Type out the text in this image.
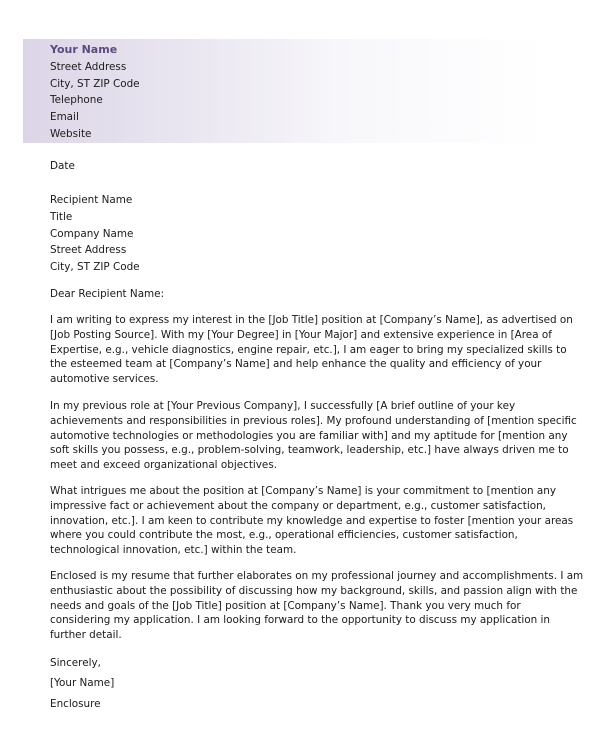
Your Name
Street Address
City, ST ZIP Code
Telephone
Email
Website
Date
Recipient Name
Title
Company Name
Street Address
City, ST ZIP Code
Dear Recipient Name:
I am writing to express my interest in the [Job Title] position at [Company’s Name], as advertised on
[Job Posting Source]. With my [Your Degree] in [Your Major] and extensive experience in [Area of
Expertise, e.g., vehicle diagnostics, engine repair, etc.], I am eager to bring my specialized skills to
the esteemed team at [Company’s Name] and help enhance the quality and efficiency of your
automotive services.
In my previous role at [Your Previous Company], I successfully [A brief outline of your key
achievements and responsibilities in previous roles]. My profound understanding of [mention specific
automotive technologies or methodologies you are familiar with] and my aptitude for [mention any
soft skills you possess, e.g., problem-solving, teamwork, leadership, etc.] have always driven me to
meet and exceed organizational objectives.
What intrigues me about the position at [Company’s Name] is your commitment to [mention any
impressive fact or achievement about the company or department, e.g., customer satisfaction,
innovation, etc.]. I am keen to contribute my knowledge and expertise to foster [mention your areas
where you could contribute the most, e.g., operational efficiencies, customer satisfaction,
technological innovation, etc.] within the team.
Enclosed is my resume that further elaborates on my professional journey and accomplishments. I am
enthusiastic about the possibility of discussing how my background, skills, and passion align with the
needs and goals of the [Job Title] position at [Company’s Name]. Thank you very much for
considering my application. I am looking forward to the opportunity to discuss my application in
further detail.
Sincerely,
[Your Name]
Enclosure
